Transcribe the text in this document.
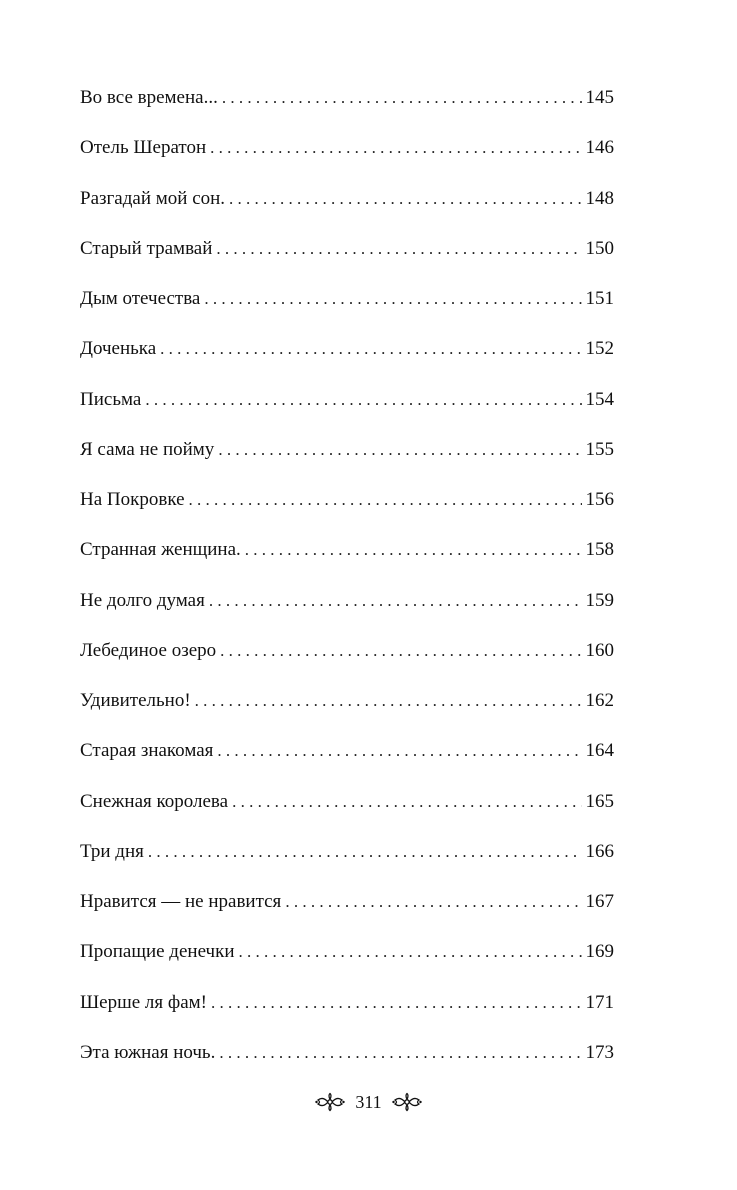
Во все времена... . . .	145
Отель Шератон . . .	146
Разгадай мой сон. . . .	148
Старый трамвай . . .	150
Дым отечества . . .	151
Доченька . . .	152
Письма . . .	154
Я сама не пойму . . .	155
На Покровке . . .	156
Странная женщина. . . .	158
Не долго думая . . .	159
Лебединое озеро . . .	160
Удивительно! . . .	162
Старая знакомая . . .	164
Снежная королева . . .	165
Три дня . . .	166
Нравится — не нравится . . .	167
Пропащие денечки . . .	169
Шерше ля фам! . . .	171
Эта южная ночь. . . .	173
311
